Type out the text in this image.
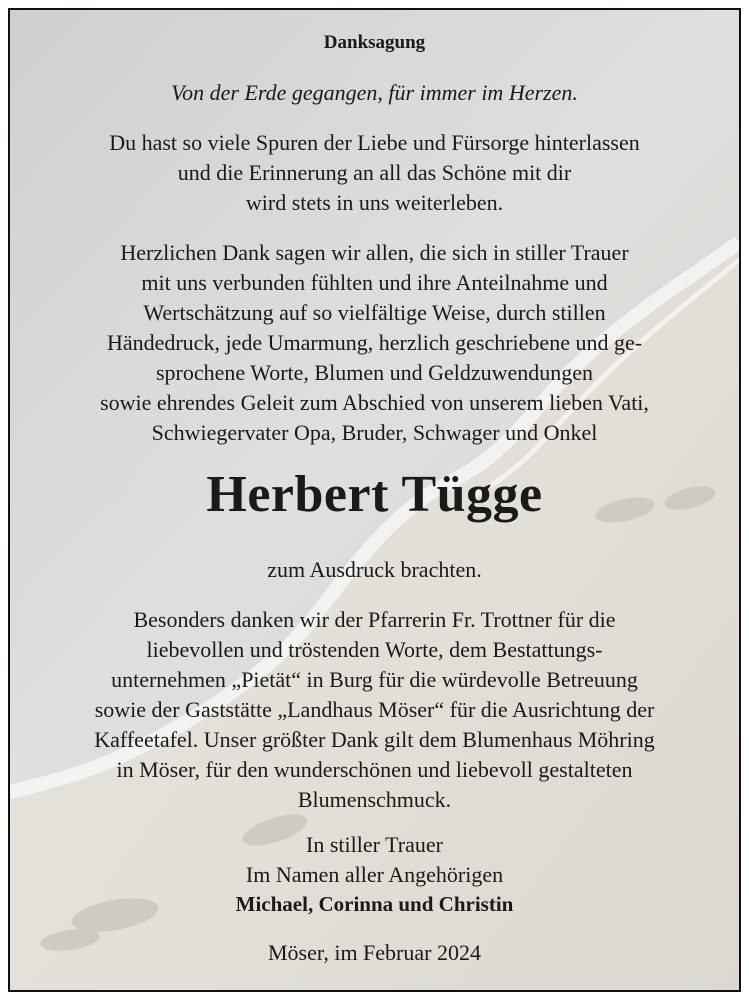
Danksagung
Von der Erde gegangen, für immer im Herzen.
Du hast so viele Spuren der Liebe und Fürsorge hinterlassen
und die Erinnerung an all das Schöne mit dir
wird stets in uns weiterleben.
Herzlichen Dank sagen wir allen, die sich in stiller Trauer
mit uns verbunden fühlten und ihre Anteilnahme und
Wertschätzung auf so vielfältige Weise, durch stillen
Händedruck, jede Umarmung, herzlich geschriebene und ge-
sprochene Worte, Blumen und Geldzuwendungen
sowie ehrendes Geleit zum Abschied von unserem lieben Vati,
Schwiegervater Opa, Bruder, Schwager und Onkel
Herbert Tügge
zum Ausdruck brachten.
Besonders danken wir der Pfarrerin Fr. Trottner für die
liebevollen und tröstenden Worte, dem Bestattungs-
unternehmen „Pietät“ in Burg für die würdevolle Betreuung
sowie der Gaststätte „Landhaus Möser“ für die Ausrichtung der
Kaffeetafel. Unser größter Dank gilt dem Blumenhaus Möhring
in Möser, für den wunderschönen und liebevoll gestalteten
Blumenschmuck.
In stiller Trauer
Im Namen aller Angehörigen
Michael, Corinna und Christin
Möser, im Februar 2024
